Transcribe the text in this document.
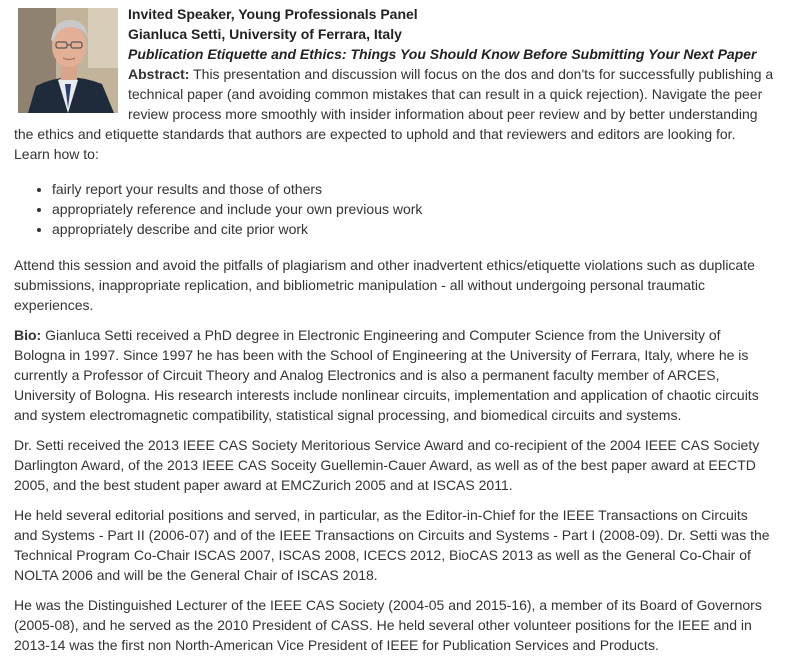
Invited Speaker, Young Professionals Panel

Gianluca Setti, University of Ferrara, Italy

Publication Etiquette and Ethics: Things You Should Know Before Submitting Your Next Paper

Abstract: This presentation and discussion will focus on the dos and don'ts for successfully publishing a technical paper (and avoiding common mistakes that can result in a quick rejection). Navigate the peer review process more smoothly with insider information about peer review and by better understanding the ethics and etiquette standards that authors are expected to uphold and that reviewers and editors are looking for. Learn how to:

• fairly report your results and those of others
• appropriately reference and include your own previous work
• appropriately describe and cite prior work

Attend this session and avoid the pitfalls of plagiarism and other inadvertent ethics/etiquette violations such as duplicate submissions, inappropriate replication, and bibliometric manipulation - all without undergoing personal traumatic experiences.

Bio: Gianluca Setti received a PhD degree in Electronic Engineering and Computer Science from the University of Bologna in 1997. Since 1997 he has been with the School of Engineering at the University of Ferrara, Italy, where he is currently a Professor of Circuit Theory and Analog Electronics and is also a permanent faculty member of ARCES, University of Bologna. His research interests include nonlinear circuits, implementation and application of chaotic circuits and system electromagnetic compatibility, statistical signal processing, and biomedical circuits and systems.

Dr. Setti received the 2013 IEEE CAS Society Meritorious Service Award and co-recipient of the 2004 IEEE CAS Society Darlington Award, of the 2013 IEEE CAS Soceity Guellemin-Cauer Award, as well as of the best paper award at EECTD 2005, and the best student paper award at EMCZurich 2005 and at ISCAS 2011.

He held several editorial positions and served, in particular, as the Editor-in-Chief for the IEEE Transactions on Circuits and Systems - Part II (2006-07) and of the IEEE Transactions on Circuits and Systems - Part I (2008-09). Dr. Setti was the Technical Program Co-Chair ISCAS 2007, ISCAS 2008, ICECS 2012, BioCAS 2013 as well as the General Co-Chair of NOLTA 2006 and will be the General Chair of ISCAS 2018.

He was the Distinguished Lecturer of the IEEE CAS Society (2004-05 and 2015-16), a member of its Board of Governors (2005-08), and he served as the 2010 President of CASS. He held several other volunteer positions for the IEEE and in 2013-14 was the first non North-American Vice President of IEEE for Publication Services and Products.
